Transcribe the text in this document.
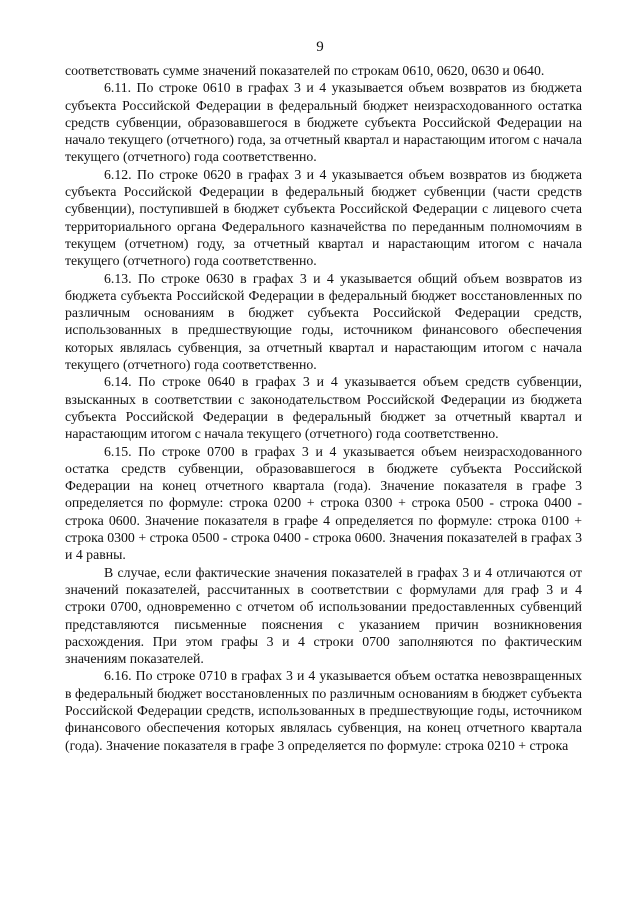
9

соответствовать сумме значений показателей по строкам 0610, 0620, 0630 и 0640.

6.11. По строке 0610 в графах 3 и 4 указывается объем возвратов из бюджета субъекта Российской Федерации в федеральный бюджет неизрасходованного остатка средств субвенции, образовавшегося в бюджете субъекта Российской Федерации на начало текущего (отчетного) года, за отчетный квартал и нарастающим итогом с начала текущего (отчетного) года соответственно.

6.12. По строке 0620 в графах 3 и 4 указывается объем возвратов из бюджета субъекта Российской Федерации в федеральный бюджет субвенции (части средств субвенции), поступившей в бюджет субъекта Российской Федерации с лицевого счета территориального органа Федерального казначейства по переданным полномочиям в текущем (отчетном) году, за отчетный квартал и нарастающим итогом с начала текущего (отчетного) года соответственно.

6.13. По строке 0630 в графах 3 и 4 указывается общий объем возвратов из бюджета субъекта Российской Федерации в федеральный бюджет восстановленных по различным основаниям в бюджет субъекта Российской Федерации средств, использованных в предшествующие годы, источником финансового обеспечения которых являлась субвенция, за отчетный квартал и нарастающим итогом с начала текущего (отчетного) года соответственно.

6.14. По строке 0640 в графах 3 и 4 указывается объем средств субвенции, взысканных в соответствии с законодательством Российской Федерации из бюджета субъекта Российской Федерации в федеральный бюджет за отчетный квартал и нарастающим итогом с начала текущего (отчетного) года соответственно.

6.15. По строке 0700 в графах 3 и 4 указывается объем неизрасходованного остатка средств субвенции, образовавшегося в бюджете субъекта Российской Федерации на конец отчетного квартала (года). Значение показателя в графе 3 определяется по формуле: строка 0200 + строка 0300 + строка 0500 - строка 0400 - строка 0600. Значение показателя в графе 4 определяется по формуле: строка 0100 + строка 0300 + строка 0500 - строка 0400 - строка 0600. Значения показателей в графах 3 и 4 равны.

В случае, если фактические значения показателей в графах 3 и 4 отличаются от значений показателей, рассчитанных в соответствии с формулами для граф 3 и 4 строки 0700, одновременно с отчетом об использовании предоставленных субвенций представляются письменные пояснения с указанием причин возникновения расхождения. При этом графы 3 и 4 строки 0700 заполняются по фактическим значениям показателей.

6.16. По строке 0710 в графах 3 и 4 указывается объем остатка невозвращенных в федеральный бюджет восстановленных по различным основаниям в бюджет субъекта Российской Федерации средств, использованных в предшествующие годы, источником финансового обеспечения которых являлась субвенция, на конец отчетного квартала (года). Значение показателя в графе 3 определяется по формуле: строка 0210 + строка
